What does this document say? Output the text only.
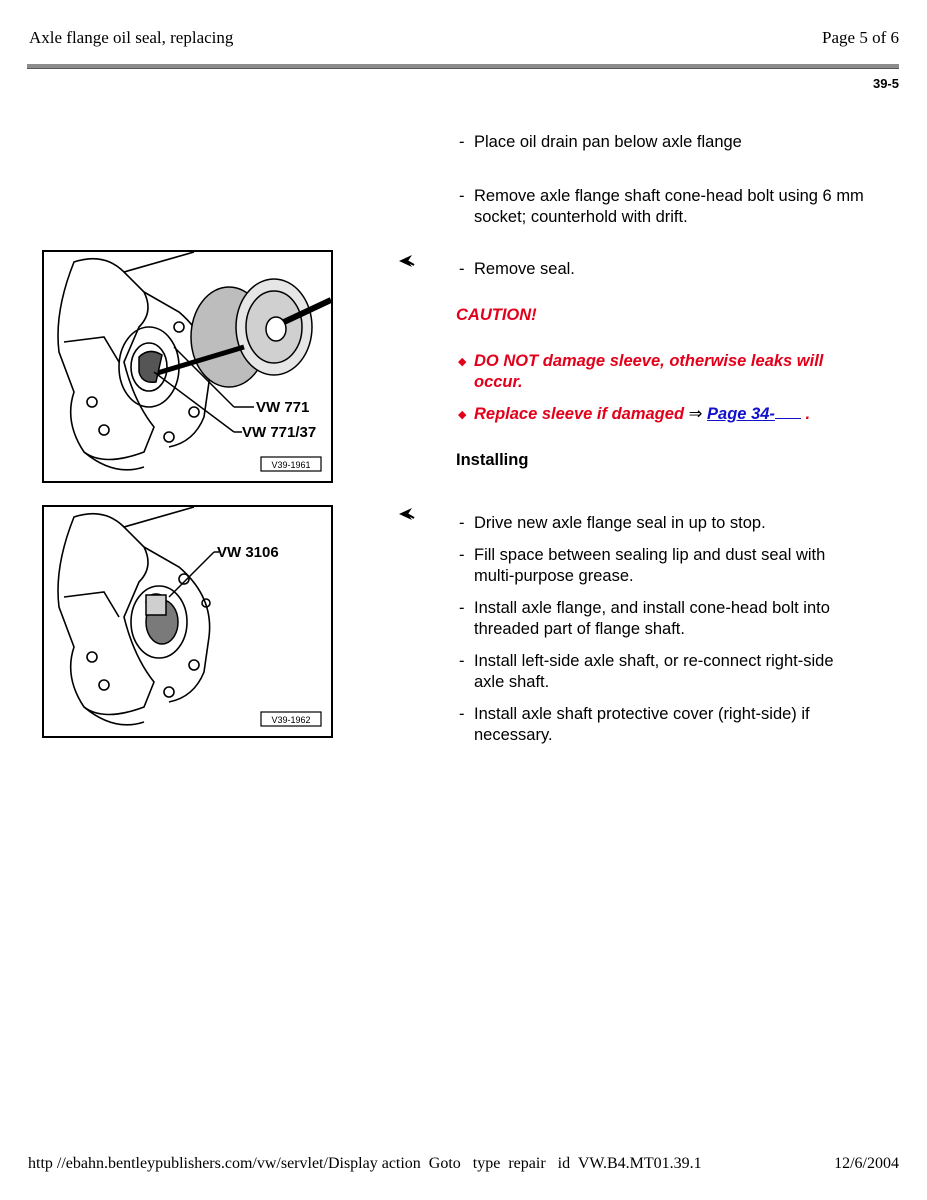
Axle flange oil seal, replacing	Page 5 of 6
39-5
- Place oil drain pan below axle flange
- Remove axle flange shaft cone-head bolt using 6 mm socket; counterhold with drift.
- Remove seal.
CAUTION!
◆ DO NOT damage sleeve, otherwise leaks will occur.
◆ Replace sleeve if damaged ⇒ Page 34- .
Installing
- Drive new axle flange seal in up to stop.
- Fill space between sealing lip and dust seal with multi-purpose grease.
- Install axle flange, and install cone-head bolt into threaded part of flange shaft.
- Install left-side axle shaft, or re-connect right-side axle shaft.
- Install axle shaft protective cover (right-side) if necessary.
VW 771
VW 771/37
V39-1961
VW 3106
V39-1962
http //ebahn.bentleypublishers.com/vw/servlet/Display action  Goto   type  repair   id  VW.B4.MT01.39.1	12/6/2004
